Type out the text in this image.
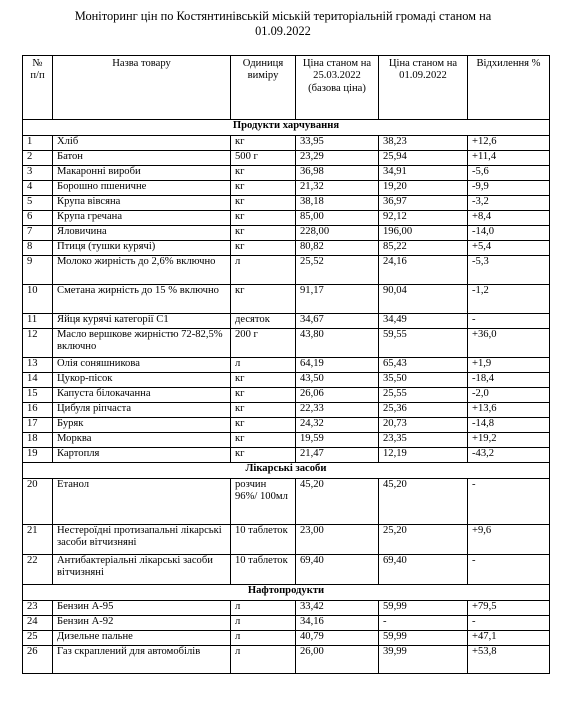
Моніторинг цін по Костянтинівській міській територіальній громаді станом на
01.09.2022
№ п/п	Назва товару	Одиниця виміру	Ціна станом на 25.03.2022 (базова ціна)	Ціна станом на 01.09.2022	Відхилення %
Продукти харчування					
1	Хліб	кг	33,95	38,23	+12,6
2	Батон	500 г	23,29	25,94	+11,4
3	Макаронні вироби	кг	36,98	34,91	-5,6
4	Борошно пшеничне	кг	21,32	19,20	-9,9
5	Крупа вівсяна	кг	38,18	36,97	-3,2
6	Крупа гречана	кг	85,00	92,12	+8,4
7	Яловичина	кг	228,00	196,00	-14,0
8	Птиця (тушки курячі)	кг	80,82	85,22	+5,4
9	Молоко жирність до 2,6% включно	л	25,52	24,16	-5,3
10	Сметана жирність до 15 % включно	кг	91,17	90,04	-1,2
11	Яйця курячі категорії С1	десяток	34,67	34,49	-
12	Масло вершкове жирністю 72-82,5% включно	200 г	43,80	59,55	+36,0
13	Олія соняшникова	л	64,19	65,43	+1,9
14	Цукор-пісок	кг	43,50	35,50	-18,4
15	Капуста білокачанна	кг	26,06	25,55	-2,0
16	Цибуля ріпчаста	кг	22,33	25,36	+13,6
17	Буряк	кг	24,32	20,73	-14,8
18	Морква	кг	19,59	23,35	+19,2
19	Картопля	кг	21,47	12,19	-43,2
Лікарські засоби					
20	Етанол	розчин 96%/ 100мл	45,20	45,20	-
21	Нестероїдні протизапальні лікарські засоби вітчизняні	10 таблеток	23,00	25,20	+9,6
22	Антибактеріальні лікарські засоби вітчизняні	10 таблеток	69,40	69,40	-
Нафтопродукти					
23	Бензин А-95	л	33,42	59,99	+79,5
24	Бензин А-92	л	34,16	-	-
25	Дизельне пальне	л	40,79	59,99	+47,1
26	Газ скраплений для автомобілів	л	26,00	39,99	+53,8
